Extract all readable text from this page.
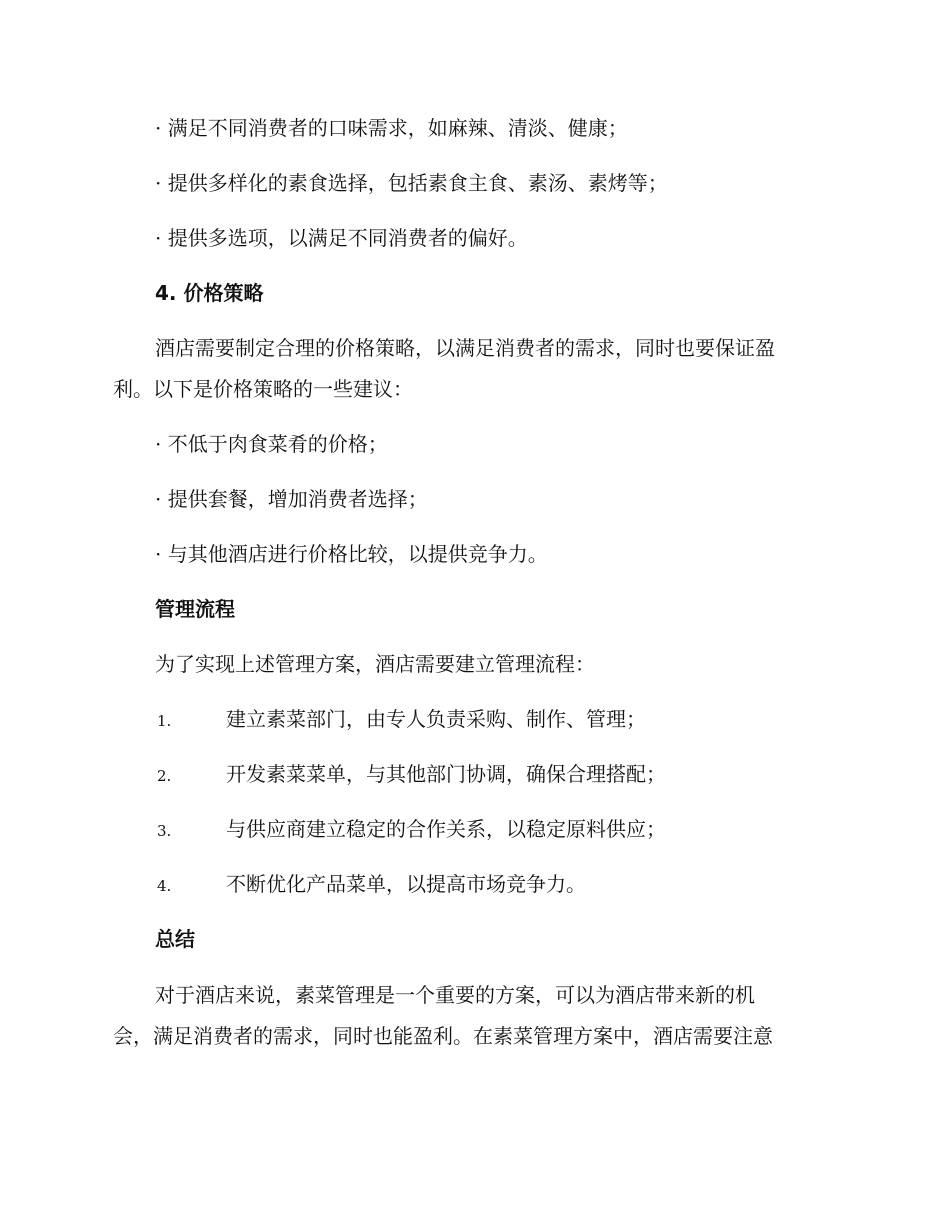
· 满足不同消费者的口味需求，如麻辣、清淡、健康；
· 提供多样化的素食选择，包括素食主食、素汤、素烤等；
· 提供多选项，以满足不同消费者的偏好。
4. 价格策略
酒店需要制定合理的价格策略，以满足消费者的需求，同时也要保证盈
利。以下是价格策略的一些建议：
· 不低于肉食菜肴的价格；
· 提供套餐，增加消费者选择；
· 与其他酒店进行价格比较，以提供竞争力。
管理流程
为了实现上述管理方案，酒店需要建立管理流程：
1.	建立素菜部门，由专人负责采购、制作、管理；
2.	开发素菜菜单，与其他部门协调，确保合理搭配；
3.	与供应商建立稳定的合作关系，以稳定原料供应；
4.	不断优化产品菜单，以提高市场竞争力。
总结
对于酒店来说，素菜管理是一个重要的方案，可以为酒店带来新的机
会，满足消费者的需求，同时也能盈利。在素菜管理方案中，酒店需要注意
